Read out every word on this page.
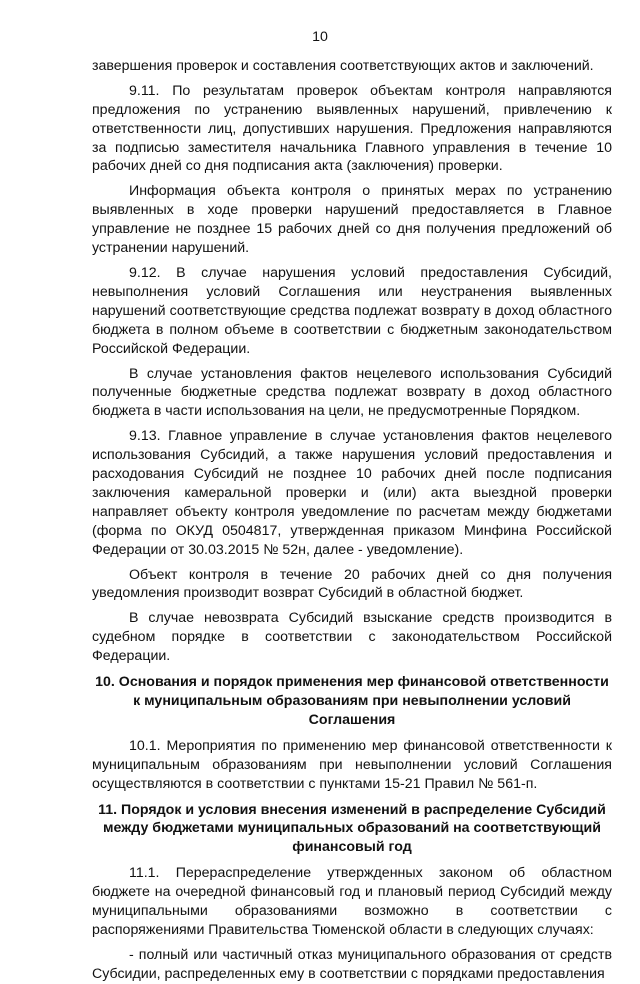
10

завершения проверок и составления соответствующих актов и заключений.

9.11. По результатам проверок объектам контроля направляются предложения по устранению выявленных нарушений, привлечению к ответственности лиц, допустивших нарушения. Предложения направляются за подписью заместителя начальника Главного управления в течение 10 рабочих дней со дня подписания акта (заключения) проверки.

Информация объекта контроля о принятых мерах по устранению выявленных в ходе проверки нарушений предоставляется в Главное управление не позднее 15 рабочих дней со дня получения предложений об устранении нарушений.

9.12. В случае нарушения условий предоставления Субсидий, невыполнения условий Соглашения или неустранения выявленных нарушений соответствующие средства подлежат возврату в доход областного бюджета в полном объеме в соответствии с бюджетным законодательством Российской Федерации.

В случае установления фактов нецелевого использования Субсидий полученные бюджетные средства подлежат возврату в доход областного бюджета в части использования на цели, не предусмотренные Порядком.

9.13. Главное управление в случае установления фактов нецелевого использования Субсидий, а также нарушения условий предоставления и расходования Субсидий не позднее 10 рабочих дней после подписания заключения камеральной проверки и (или) акта выездной проверки направляет объекту контроля уведомление по расчетам между бюджетами (форма по ОКУД 0504817, утвержденная приказом Минфина Российской Федерации от 30.03.2015 № 52н, далее - уведомление).

Объект контроля в течение 20 рабочих дней со дня получения уведомления производит возврат Субсидий в областной бюджет.

В случае невозврата Субсидий взыскание средств производится в судебном порядке в соответствии с законодательством Российской Федерации.

10. Основания и порядок применения мер финансовой ответственности к муниципальным образованиям при невыполнении условий Соглашения

10.1. Мероприятия по применению мер финансовой ответственности к муниципальным образованиям при невыполнении условий Соглашения осуществляются в соответствии с пунктами 15-21 Правил № 561-п.

11. Порядок и условия внесения изменений в распределение Субсидий между бюджетами муниципальных образований на соответствующий финансовый год

11.1. Перераспределение утвержденных законом об областном бюджете на очередной финансовый год и плановый период Субсидий между муниципальными образованиями возможно в соответствии с распоряжениями Правительства Тюменской области в следующих случаях:

- полный или частичный отказ муниципального образования от средств Субсидии, распределенных ему в соответствии с порядками предоставления
